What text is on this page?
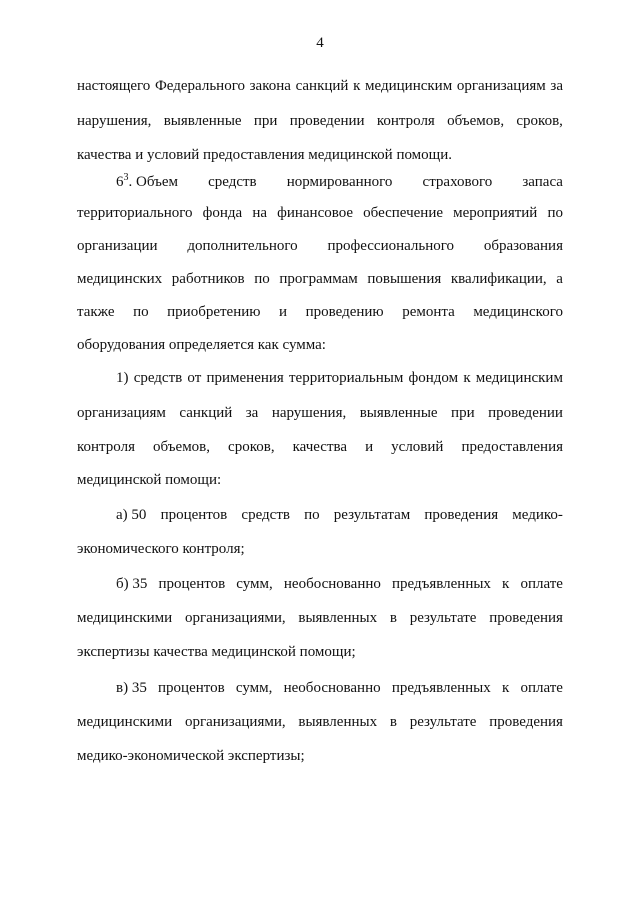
4
настоящего Федерального закона санкций к медицинским организациям за
нарушения, выявленные при проведении контроля объемов, сроков,
качества и условий предоставления медицинской помощи.
$6^3$. Объем средств нормированного страхового запаса
территориального фонда на финансовое обеспечение мероприятий по
организации дополнительного профессионального образования
медицинских работников по программам повышения квалификации, а
также по приобретению и проведению ремонта медицинского
оборудования определяется как сумма:
1) средств от применения территориальным фондом к медицинским
организациям санкций за нарушения, выявленные при проведении
контроля объемов, сроков, качества и условий предоставления
медицинской помощи:
а) 50 процентов средств по результатам проведения медико-
экономического контроля;
б) 35 процентов сумм, необоснованно предъявленных к оплате
медицинскими организациями, выявленных в результате проведения
экспертизы качества медицинской помощи;
в) 35 процентов сумм, необоснованно предъявленных к оплате
медицинскими организациями, выявленных в результате проведения
медико-экономической экспертизы;
